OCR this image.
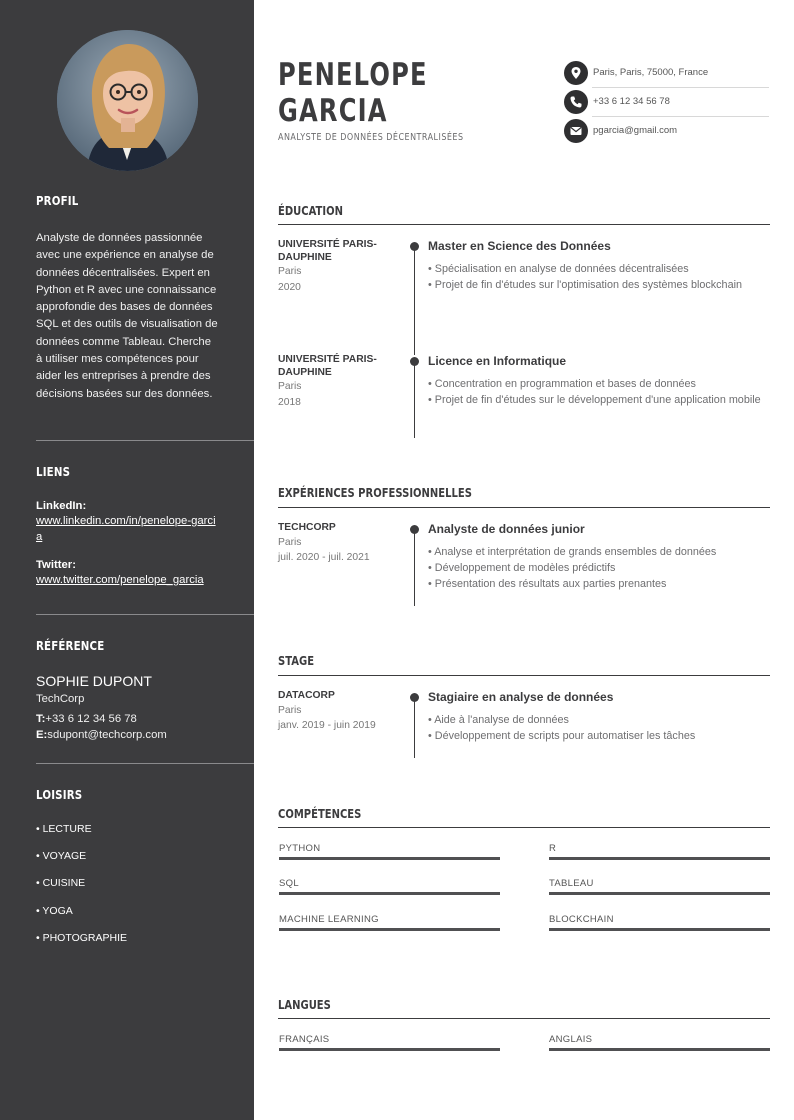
PROFIL
Analyste de données passionnée avec une expérience en analyse de données décentralisées. Expert en Python et R avec une connaissance approfondie des bases de données SQL et des outils de visualisation de données comme Tableau. Cherche à utiliser mes compétences pour aider les entreprises à prendre des décisions basées sur des données.
LIENS
LinkedIn:
www.linkedin.com/in/penelope-garcia
Twitter:
www.twitter.com/penelope_garcia
RÉFÉRENCE
SOPHIE DUPONT
TechCorp
T:+33 6 12 34 56 78
E:sdupont@techcorp.com
LOISIRS
• LECTURE
• VOYAGE
• CUISINE
• YOGA
• PHOTOGRAPHIE
PENELOPE
GARCIA
ANALYSTE DE DONNÉES DÉCENTRALISÉES
Paris, Paris, 75000, France
+33 6 12 34 56 78
pgarcia@gmail.com
ÉDUCATION
UNIVERSITÉ PARIS-DAUPHINE
Paris
2020
Master en Science des Données
• Spécialisation en analyse de données décentralisées
• Projet de fin d'études sur l'optimisation des systèmes blockchain
UNIVERSITÉ PARIS-DAUPHINE
Paris
2018
Licence en Informatique
• Concentration en programmation et bases de données
• Projet de fin d'études sur le développement d'une application mobile
EXPÉRIENCES PROFESSIONNELLES
TECHCORP
Paris
juil. 2020 - juil. 2021
Analyste de données junior
• Analyse et interprétation de grands ensembles de données
• Développement de modèles prédictifs
• Présentation des résultats aux parties prenantes
STAGE
DATACORP
Paris
janv. 2019 - juin 2019
Stagiaire en analyse de données
• Aide à l'analyse de données
• Développement de scripts pour automatiser les tâches
COMPÉTENCES
PYTHON	R
SQL	TABLEAU
MACHINE LEARNING	BLOCKCHAIN
LANGUES
FRANÇAIS	ANGLAIS
